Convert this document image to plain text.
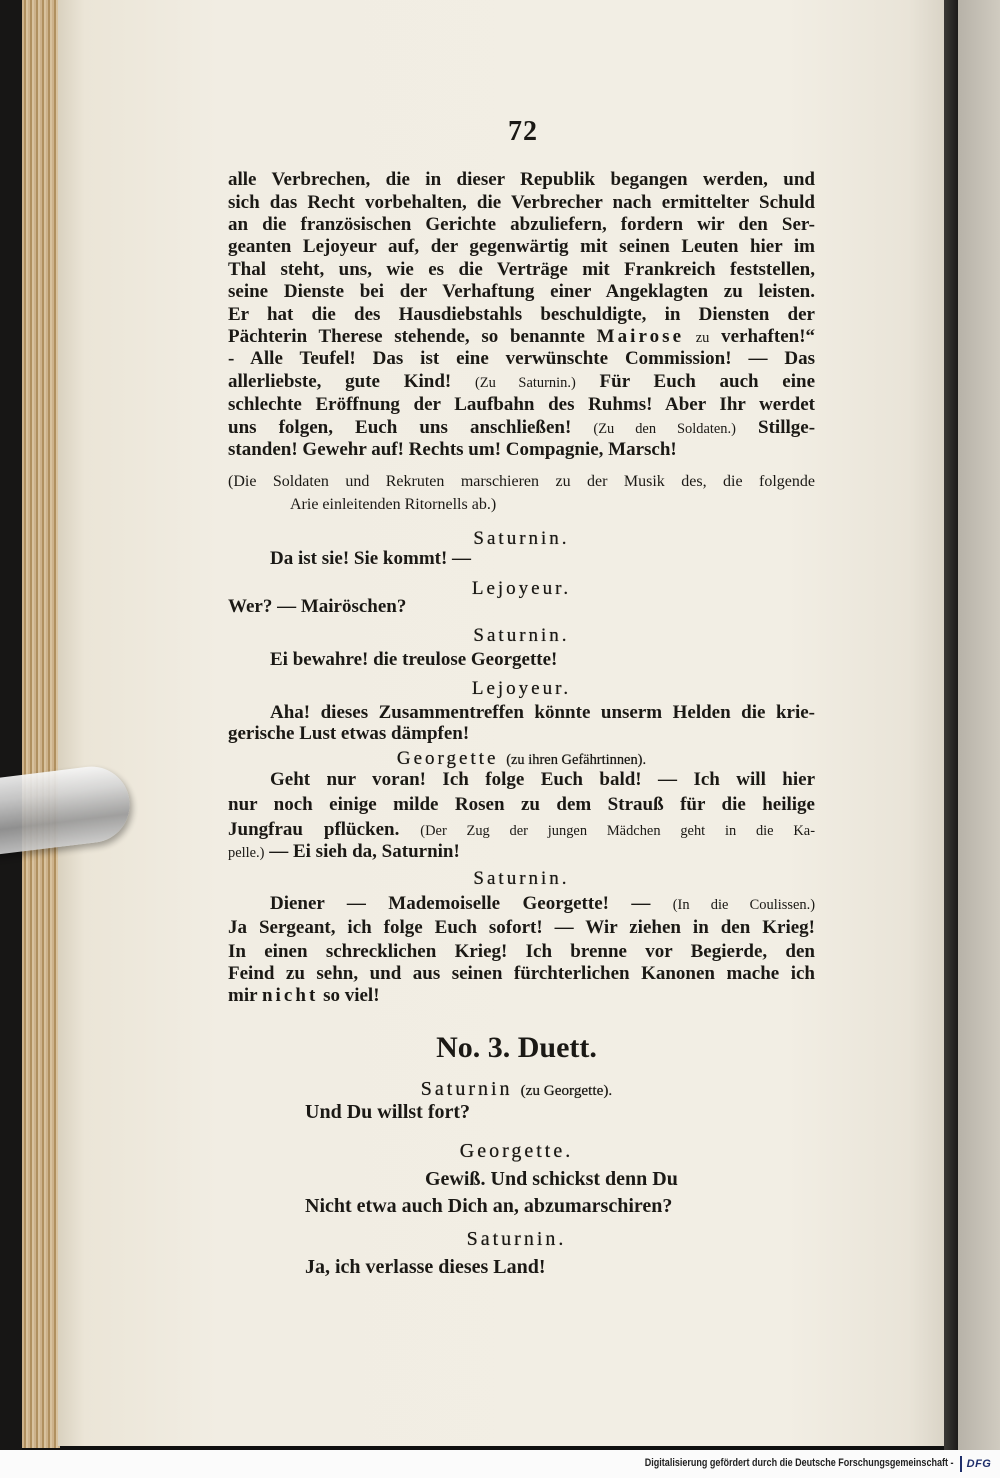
72
alle Verbrechen, die in dieser Republik begangen werden, und
sich das Recht vorbehalten, die Verbrecher nach ermittelter Schuld
an die französischen Gerichte abzuliefern, fordern wir den Ser-
geanten Lejoyeur auf, der gegenwärtig mit seinen Leuten hier im
Thal steht, uns, wie es die Verträge mit Frankreich feststellen,
seine Dienste bei der Verhaftung einer Angeklagten zu leisten.
Er hat die des Hausdiebstahls beschuldigte, in Diensten der
Pächterin Therese stehende, so benannte Mairose zu verhaften!“
- Alle Teufel! Das ist eine verwünschte Commission! — Das
allerliebste, gute Kind! (Zu Saturnin.) Für Euch auch eine
schlechte Eröffnung der Laufbahn des Ruhms! Aber Ihr werdet
uns folgen, Euch uns anschließen! (Zu den Soldaten.) Stillge-
standen! Gewehr auf! Rechts um! Compagnie, Marsch!
(Die Soldaten und Rekruten marschieren zu der Musik des, die folgende
Arie einleitenden Ritornells ab.)
Saturnin.
Da ist sie! Sie kommt! —
Lejoyeur.
Wer? — Mairöschen?
Saturnin.
Ei bewahre! die treulose Georgette!
Lejoyeur.
Aha! dieses Zusammentreffen könnte unserm Helden die krie-
gerische Lust etwas dämpfen!
Georgette (zu ihren Gefährtinnen).
Geht nur voran! Ich folge Euch bald! — Ich will hier
nur noch einige milde Rosen zu dem Strauß für die heilige
Jungfrau pflücken. (Der Zug der jungen Mädchen geht in die Ka-
pelle.) — Ei sieh da, Saturnin!
Saturnin.
Diener — Mademoiselle Georgette! — (In die Coulissen.)
Ja Sergeant, ich folge Euch sofort! — Wir ziehen in den Krieg!
In einen schrecklichen Krieg! Ich brenne vor Begierde, den
Feind zu sehn, und aus seinen fürchterlichen Kanonen mache ich
mir nicht so viel!
No. 3. Duett.
Saturnin (zu Georgette).
Und Du willst fort?
Georgette.
Gewiß. Und schickst denn Du
Nicht etwa auch Dich an, abzumarschiren?
Saturnin.
Ja, ich verlasse dieses Land!
Digitalisierung gefördert durch die Deutsche Forschungsgemeinschaft -	DFG
